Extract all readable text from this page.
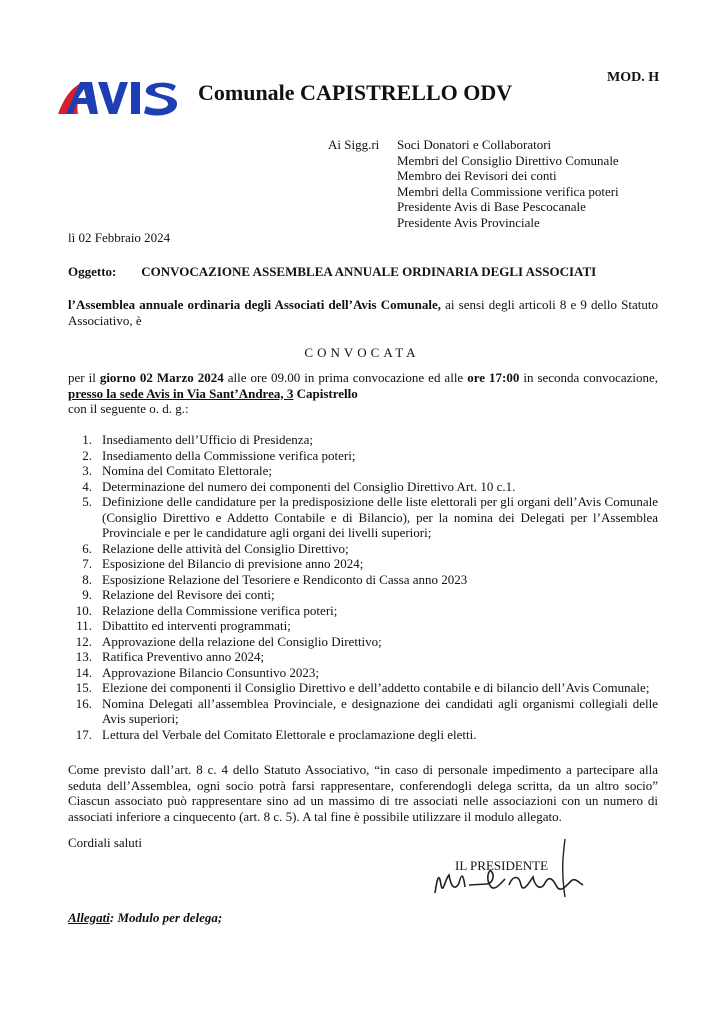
MOD. H
Comunale CAPISTRELLO ODV
Ai Sigg.ri Soci Donatori e Collaboratori
Membri del Consiglio Direttivo Comunale
Membro dei Revisori dei conti
Membri della Commissione verifica poteri
Presidente Avis di Base Pescocanale
Presidente Avis Provinciale
lì 02 Febbraio 2024
Oggetto: CONVOCAZIONE ASSEMBLEA ANNUALE ORDINARIA DEGLI ASSOCIATI
l’Assemblea annuale ordinaria degli Associati dell’Avis Comunale, ai sensi degli articoli 8 e 9 dello Statuto Associativo, è
CONVOCATA
per il giorno 02 Marzo 2024 alle ore 09.00 in prima convocazione ed alle ore 17:00 in seconda convocazione, presso la sede Avis in Via Sant’Andrea, 3 Capistrello
con il seguente o. d. g.:
1. Insediamento dell’Ufficio di Presidenza;
2. Insediamento della Commissione verifica poteri;
3. Nomina del Comitato Elettorale;
4. Determinazione del numero dei componenti del Consiglio Direttivo Art. 10 c.1.
5. Definizione delle candidature per la predisposizione delle liste elettorali per gli organi dell’Avis Comunale (Consiglio Direttivo e Addetto Contabile e di Bilancio), per la nomina dei Delegati per l’Assemblea Provinciale e per le candidature agli organi dei livelli superiori;
6. Relazione delle attività del Consiglio Direttivo;
7. Esposizione del Bilancio di previsione anno 2024;
8. Esposizione Relazione del Tesoriere e Rendiconto di Cassa anno 2023
9. Relazione del Revisore dei conti;
10. Relazione della Commissione verifica poteri;
11. Dibattito ed interventi programmati;
12. Approvazione della relazione del Consiglio Direttivo;
13. Ratifica Preventivo anno 2024;
14. Approvazione Bilancio Consuntivo 2023;
15. Elezione dei componenti il Consiglio Direttivo e dell’addetto contabile e di bilancio dell’Avis Comunale;
16. Nomina Delegati all’assemblea Provinciale, e designazione dei candidati agli organismi collegiali delle Avis superiori;
17. Lettura del Verbale del Comitato Elettorale e proclamazione degli eletti.
Come previsto dall’art. 8 c. 4 dello Statuto Associativo, “in caso di personale impedimento a partecipare alla seduta dell’Assemblea, ogni socio potrà farsi rappresentare, conferendogli delega scritta, da un altro socio” Ciascun associato può rappresentare sino ad un massimo di tre associati nelle associazioni con un numero di associati inferiore a cinquecento (art. 8 c. 5). A tal fine è possibile utilizzare il modulo allegato.
Cordiali saluti
IL PRESIDENTE
Allegati: Modulo per delega;
